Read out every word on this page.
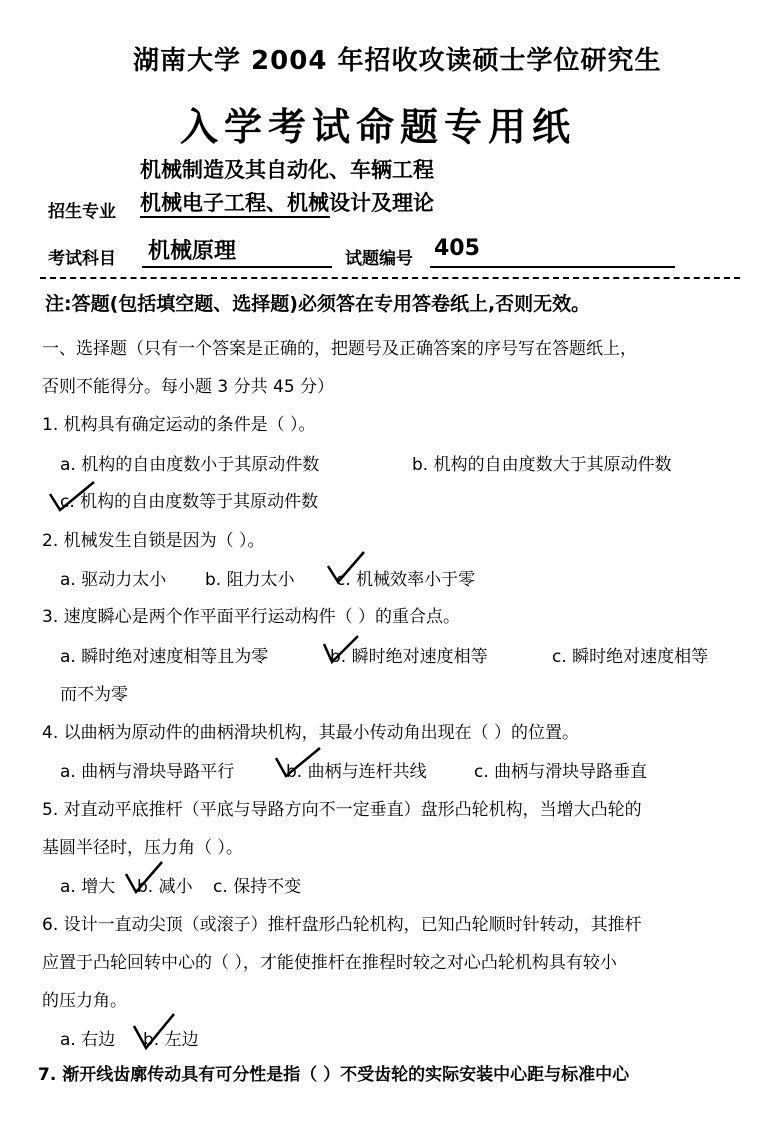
湖南大学 2004 年招收攻读硕士学位研究生
入学考试命题专用纸
机械制造及其自动化、车辆工程
招生专业 机械电子工程、机械设计及理论
考试科目 机械原理	试题编号 405
注:答题(包括填空题、选择题)必须答在专用答卷纸上,否则无效。
一、选择题（只有一个答案是正确的，把题号及正确答案的序号写在答题纸上，
否则不能得分。每小题 3 分共 45 分）
1. 机构具有确定运动的条件是（ ）。
a. 机构的自由度数小于其原动件数	b. 机构的自由度数大于其原动件数
c. 机构的自由度数等于其原动件数
2. 机械发生自锁是因为（ ）。
a. 驱动力太小 b. 阻力太小 c. 机械效率小于零
3. 速度瞬心是两个作平面平行运动构件（ ）的重合点。
a. 瞬时绝对速度相等且为零	b. 瞬时绝对速度相等	c. 瞬时绝对速度相等
而不为零
4. 以曲柄为原动件的曲柄滑块机构，其最小传动角出现在（ ）的位置。
a. 曲柄与滑块导路平行	b. 曲柄与连杆共线	c. 曲柄与滑块导路垂直
5. 对直动平底推杆（平底与导路方向不一定垂直）盘形凸轮机构，当增大凸轮的
基圆半径时，压力角（ ）。
a. 增大 b. 减小 c. 保持不变
6. 设计一直动尖顶（或滚子）推杆盘形凸轮机构，已知凸轮顺时针转动，其推杆
应置于凸轮回转中心的（ ），才能使推杆在推程时较之对心凸轮机构具有较小
的压力角。
a. 右边 b. 左边
7. 渐开线齿廓传动具有可分性是指（ ）不受齿轮的实际安装中心距与标准中心
